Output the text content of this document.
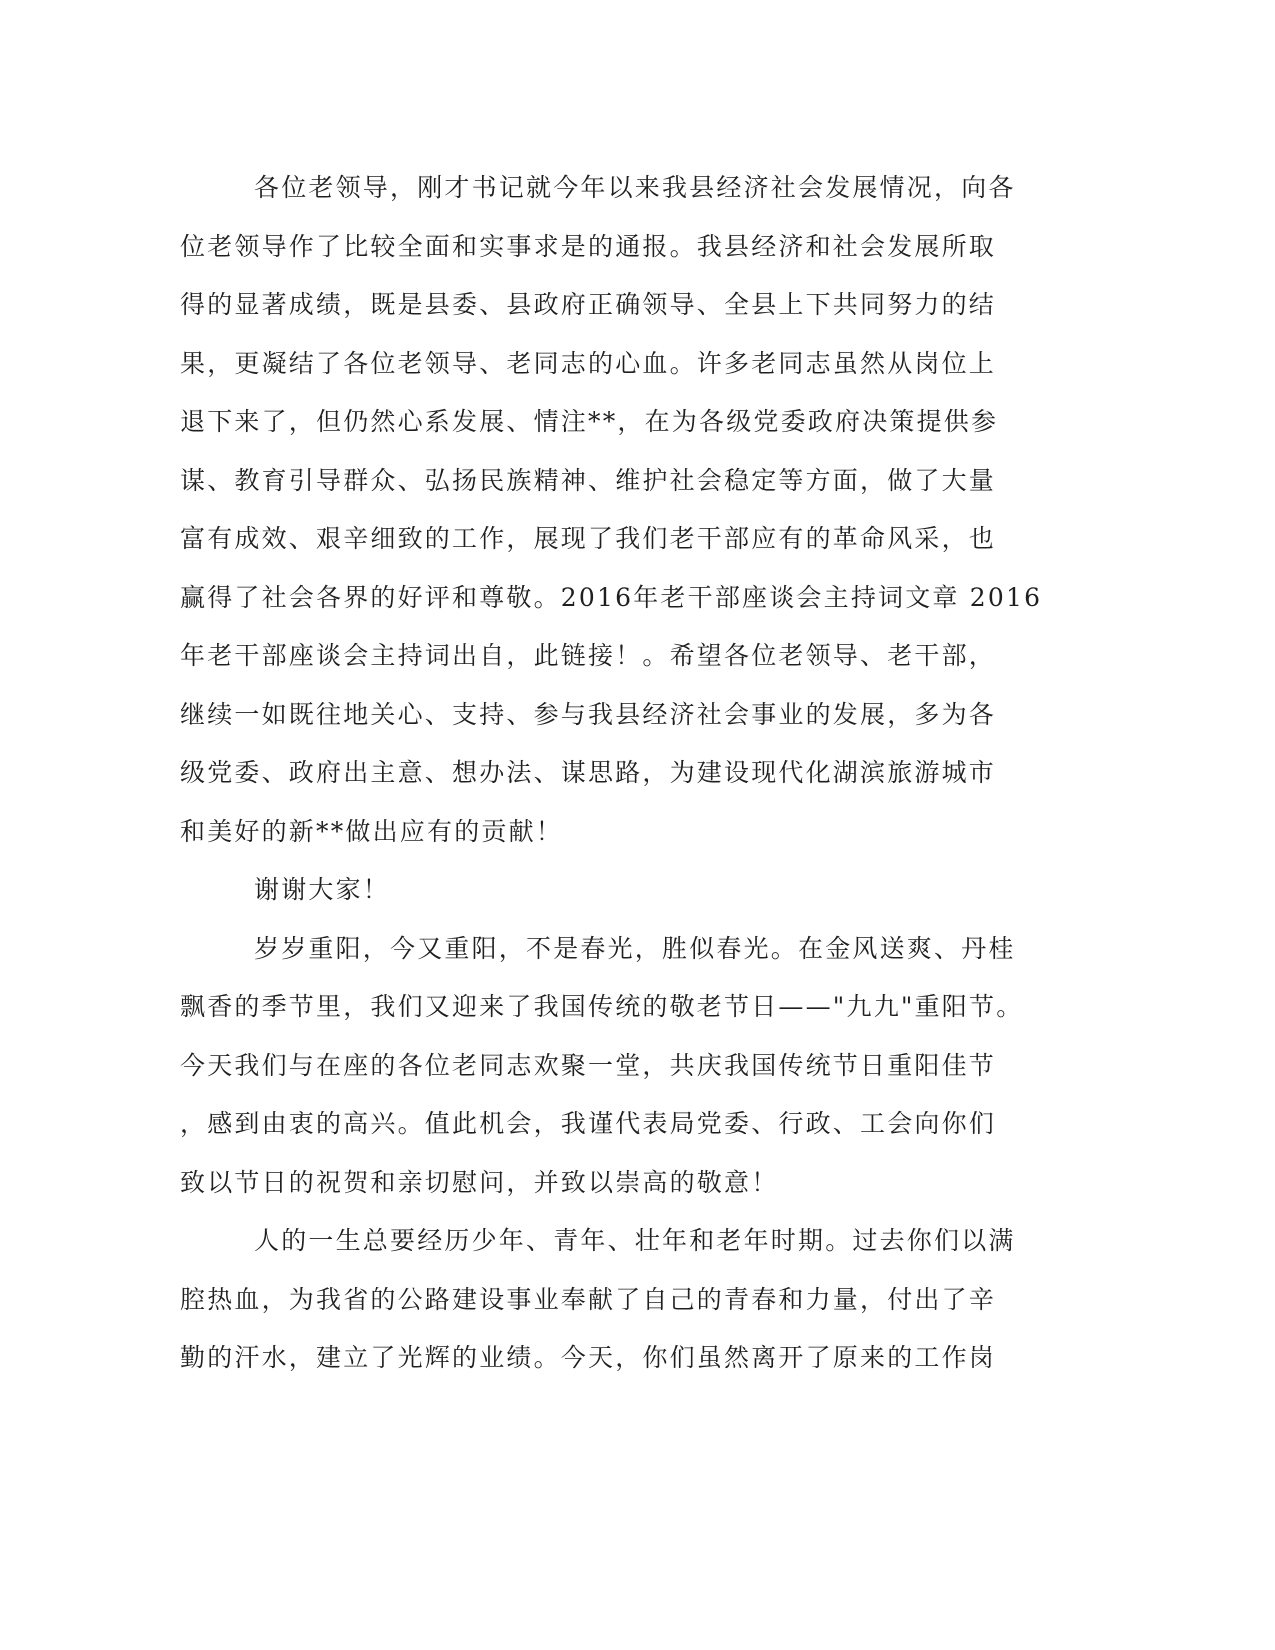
各位老领导，刚才书记就今年以来我县经济社会发展情况，向各
位老领导作了比较全面和实事求是的通报。我县经济和社会发展所取
得的显著成绩，既是县委、县政府正确领导、全县上下共同努力的结
果，更凝结了各位老领导、老同志的心血。许多老同志虽然从岗位上
退下来了，但仍然心系发展、情注**，在为各级党委政府决策提供参
谋、教育引导群众、弘扬民族精神、维护社会稳定等方面，做了大量
富有成效、艰辛细致的工作，展现了我们老干部应有的革命风采，也
赢得了社会各界的好评和尊敬。2016年老干部座谈会主持词文章 2016
年老干部座谈会主持词出自，此链接！。希望各位老领导、老干部，
继续一如既往地关心、支持、参与我县经济社会事业的发展，多为各
级党委、政府出主意、想办法、谋思路，为建设现代化湖滨旅游城市
和美好的新**做出应有的贡献！
谢谢大家！
岁岁重阳，今又重阳，不是春光，胜似春光。在金风送爽、丹桂
飘香的季节里，我们又迎来了我国传统的敬老节日——"九九"重阳节。
今天我们与在座的各位老同志欢聚一堂，共庆我国传统节日重阳佳节
，感到由衷的高兴。值此机会，我谨代表局党委、行政、工会向你们
致以节日的祝贺和亲切慰问，并致以崇高的敬意！
人的一生总要经历少年、青年、壮年和老年时期。过去你们以满
腔热血，为我省的公路建设事业奉献了自己的青春和力量，付出了辛
勤的汗水，建立了光辉的业绩。今天，你们虽然离开了原来的工作岗
